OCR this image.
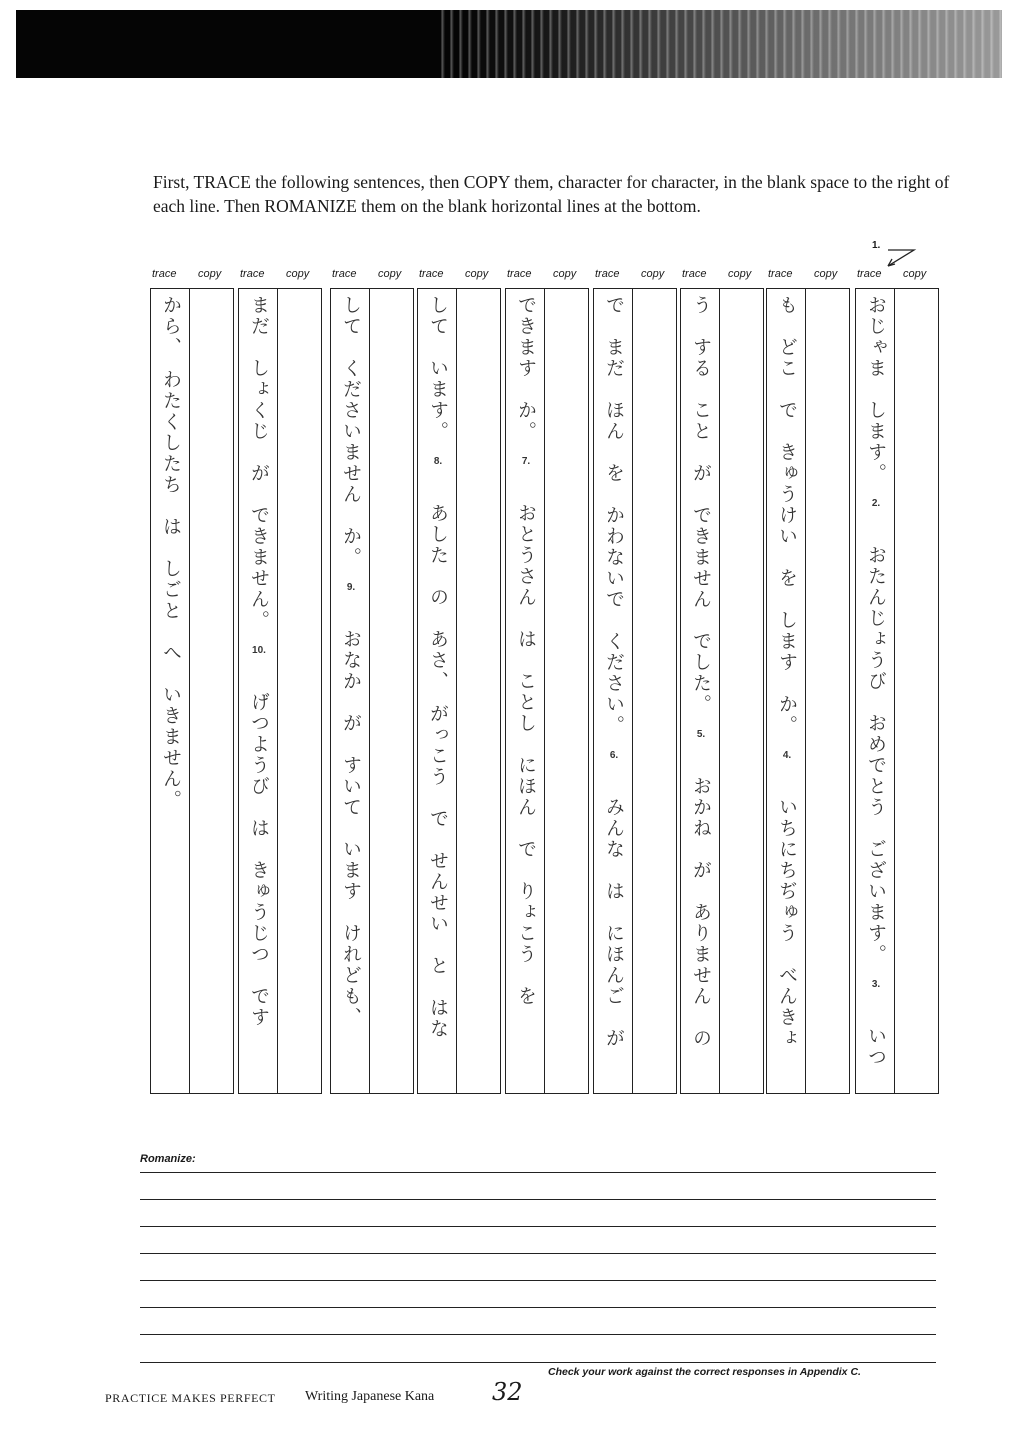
First, TRACE the following sentences, then COPY them, character for character, in the blank space to the right of each line. Then ROMANIZE them on the blank horizontal lines at the bottom.

1.
trace copy
おじゃま　します。2.　おたんじょうび　おめでとう　ございます。3.　いつ
trace copy
も　どこ　で　きゅうけい　を　します　か。4.　いちにちぢゅう　べんきょ
trace copy
う　する　こと　が　できません　でした。5.　おかね　が　ありません　の
trace copy
で　まだ　ほん　を　かわないで　ください。6.　みんな　は　にほんご　が
trace copy
できます　か。7.　おとうさん　は　ことし　にほん　で　りょこう　を
trace copy
して　います。8.　あした　の　あさ、　がっこう　で　せんせい　と　はな
trace copy
して　くださいません　か。9.　おなか　が　すいて　います　けれども、
trace copy
まだ　しょくじ　が　できません。10.　げつようび　は　きゅうじつ　です
trace copy
から、　わたくしたち　は　しごと　へ　いきません。
Romanize:
Check your work against the correct responses in Appendix C.
PRACTICE MAKES PERFECT Writing Japanese Kana 32
